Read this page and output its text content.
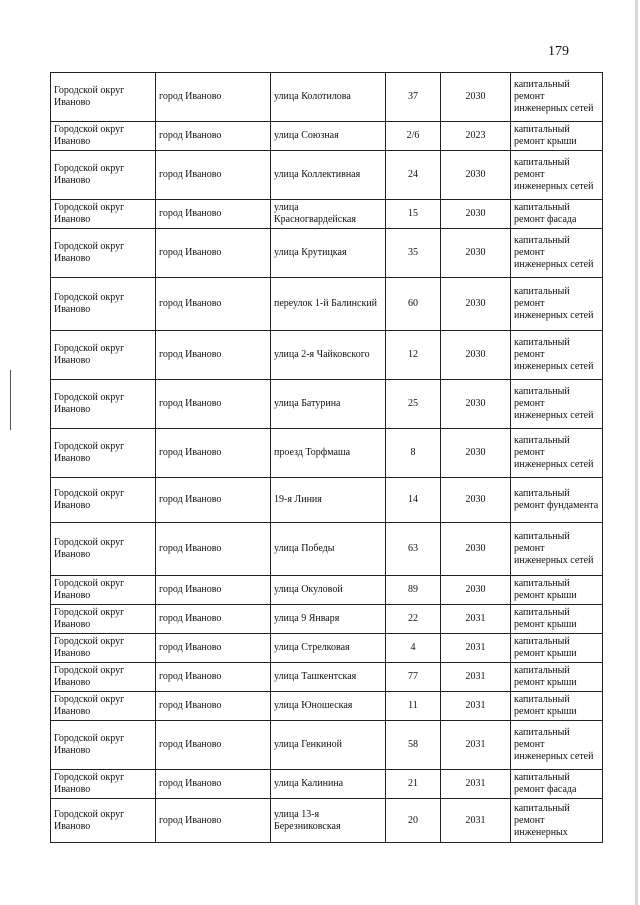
179
Городской округ Иваново	город Иваново	улица Колотилова	37	2030	капитальный ремонт инженерных сетей
Городской округ Иваново	город Иваново	улица Союзная	2/6	2023	капитальный ремонт крыши
Городской округ Иваново	город Иваново	улица Коллективная	24	2030	капитальный ремонт инженерных сетей
Городской округ Иваново	город Иваново	улица Красногвардейская	15	2030	капитальный ремонт фасада
Городской округ Иваново	город Иваново	улица Крутицкая	35	2030	капитальный ремонт инженерных сетей
Городской округ Иваново	город Иваново	переулок 1-й Балинский	60	2030	капитальный ремонт инженерных сетей
Городской округ Иваново	город Иваново	улица 2-я Чайковского	12	2030	капитальный ремонт инженерных сетей
Городской округ Иваново	город Иваново	улица Батурина	25	2030	капитальный ремонт инженерных сетей
Городской округ Иваново	город Иваново	проезд Торфмаша	8	2030	капитальный ремонт инженерных сетей
Городской округ Иваново	город Иваново	19-я Линия	14	2030	капитальный ремонт фундамента
Городской округ Иваново	город Иваново	улица Победы	63	2030	капитальный ремонт инженерных сетей
Городской округ Иваново	город Иваново	улица Окуловой	89	2030	капитальный ремонт крыши
Городской округ Иваново	город Иваново	улица 9 Января	22	2031	капитальный ремонт крыши
Городской округ Иваново	город Иваново	улица Стрелковая	4	2031	капитальный ремонт крыши
Городской округ Иваново	город Иваново	улица Ташкентская	77	2031	капитальный ремонт крыши
Городской округ Иваново	город Иваново	улица Юношеская	11	2031	капитальный ремонт крыши
Городской округ Иваново	город Иваново	улица Генкиной	58	2031	капитальный ремонт инженерных сетей
Городской округ Иваново	город Иваново	улица Калинина	21	2031	капитальный ремонт фасада
Городской округ Иваново	город Иваново	улица 13-я Березниковская	20	2031	капитальный ремонт инженерных
